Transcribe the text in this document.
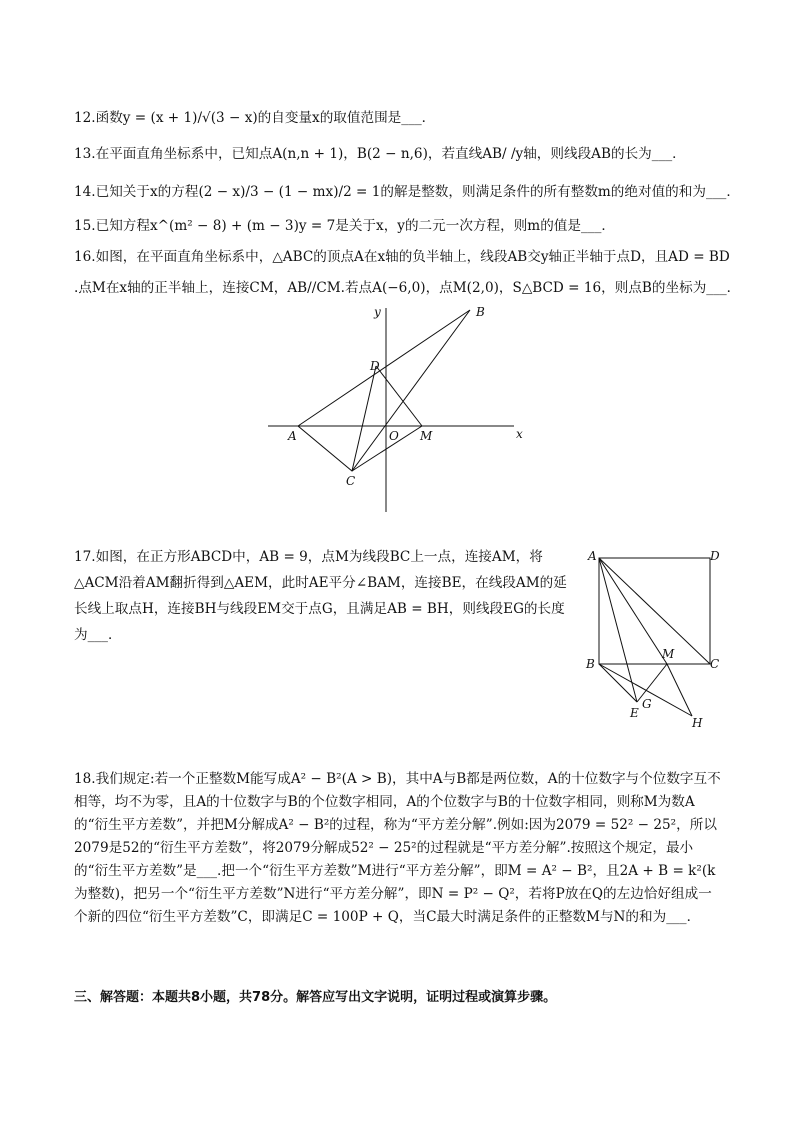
12.函数y = (x + 1)/√(3 − x)的自变量x的取值范围是___．
13.在平面直角坐标系中，已知点A(n,n + 1)，B(2 − n,6)，若直线AB/ /y轴，则线段AB的长为___．
14.已知关于x的方程(2 − x)/3 − (1 − mx)/2 = 1的解是整数，则满足条件的所有整数m的绝对值的和为___．
15.已知方程x^(m² − 8) + (m − 3)y = 7是关于x，y的二元一次方程，则m的值是___．
16.如图，在平面直角坐标系中，△ABC的顶点A在x轴的负半轴上，线段AB交y轴正半轴于点D，且AD = BD
.点M在x轴的正半轴上，连接CM，AB//CM.若点A(−6,0)，点M(2,0)，S△BCD = 16，则点B的坐标为___．
B
y
D
A	O M	x
C
17.如图，在正方形ABCD中，AB = 9，点M为线段BC上一点，连接AM，将△ACM沿着AM翻折得到△AEM，此时AE平分∠BAM，连接BE，在线段AM的延长线上取点H，连接BH与线段EM交于点G，且满足AB = BH，则线段EG的长度为___．
A	D
B
M
C
G
E
H
18.我们规定:若一个正整数M能写成A² − B²(A > B)，其中A与B都是两位数，A的十位数字与个位数字互不相等，均不为零，且A的十位数字与B的个位数字相同，A的个位数字与B的十位数字相同，则称M为数A的“衍生平方差数”，并把M分解成A² − B²的过程，称为“平方差分解”.例如:因为2079 = 52² − 25²，所以2079是52的“衍生平方差数”，将2079分解成52² − 25²的过程就是“平方差分解”.按照这个规定，最小的“衍生平方差数”是___.把一个“衍生平方差数”M进行“平方差分解”，即M = A² − B²，且2A + B = k²(k为整数)，把另一个“衍生平方差数”N进行“平方差分解”，即N = P² − Q²，若将P放在Q的左边恰好组成一个新的四位“衍生平方差数”C，即满足C = 100P + Q，当C最大时满足条件的正整数M与N的和为___．
三、解答题：本题共8小题，共78分。解答应写出文字说明，证明过程或演算步骤。
